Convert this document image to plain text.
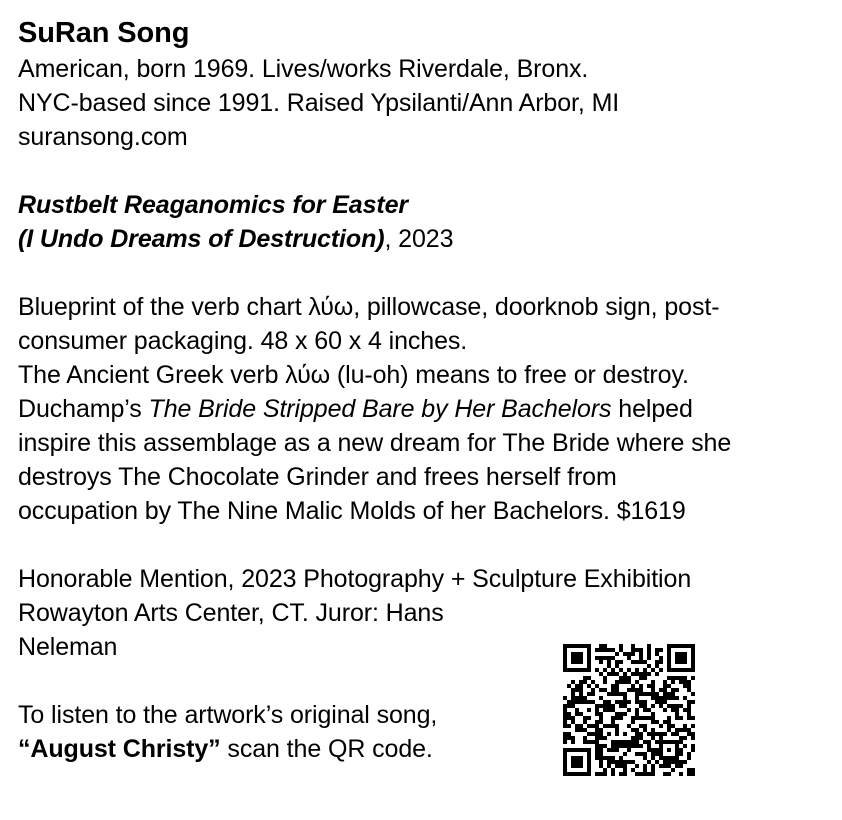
SuRan Song
American, born 1969. Lives/works Riverdale, Bronx.
NYC-based since 1991. Raised Ypsilanti/Ann Arbor, MI
suransong.com
Rustbelt Reaganomics for Easter
(I Undo Dreams of Destruction), 2023
Blueprint of the verb chart λύω, pillowcase, doorknob sign, post-
consumer packaging. 48 x 60 x 4 inches.
The Ancient Greek verb λύω (lu-oh) means to free or destroy.
Duchamp’s The Bride Stripped Bare by Her Bachelors helped
inspire this assemblage as a new dream for The Bride where she
destroys The Chocolate Grinder and frees herself from
occupation by The Nine Malic Molds of her Bachelors. $1619
Honorable Mention, 2023 Photography + Sculpture Exhibition
Rowayton Arts Center, CT. Juror: Hans
Neleman
To listen to the artwork’s original song,
“August Christy” scan the QR code.
